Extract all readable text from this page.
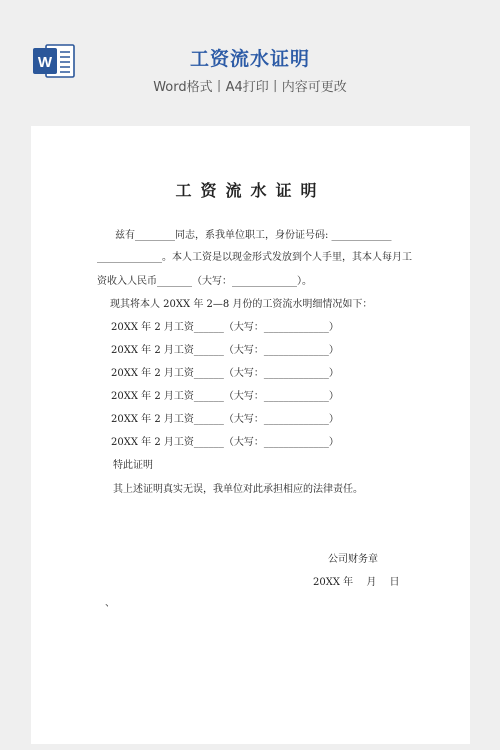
W	工资流水证明
Word格式丨A4打印丨内容可更改
工资流水证明
兹有________同志，系我单位职工，身份证号码: ____________
_____________。本人工资是以现金形式发放到个人手里，其本人每月工
资收入人民币_______（大写：_____________）。
现其将本人 20XX 年 2—8 月份的工资流水明细情况如下：
20XX 年 2 月工资______（大写：_____________）
20XX 年 2 月工资______（大写：_____________）
20XX 年 2 月工资______（大写：_____________）
20XX 年 2 月工资______（大写：_____________）
20XX 年 2 月工资______（大写：_____________）
20XX 年 2 月工资______（大写：_____________）
特此证明
其上述证明真实无误，我单位对此承担相应的法律责任。
公司财务章
20XX 年　 月　 日
、
